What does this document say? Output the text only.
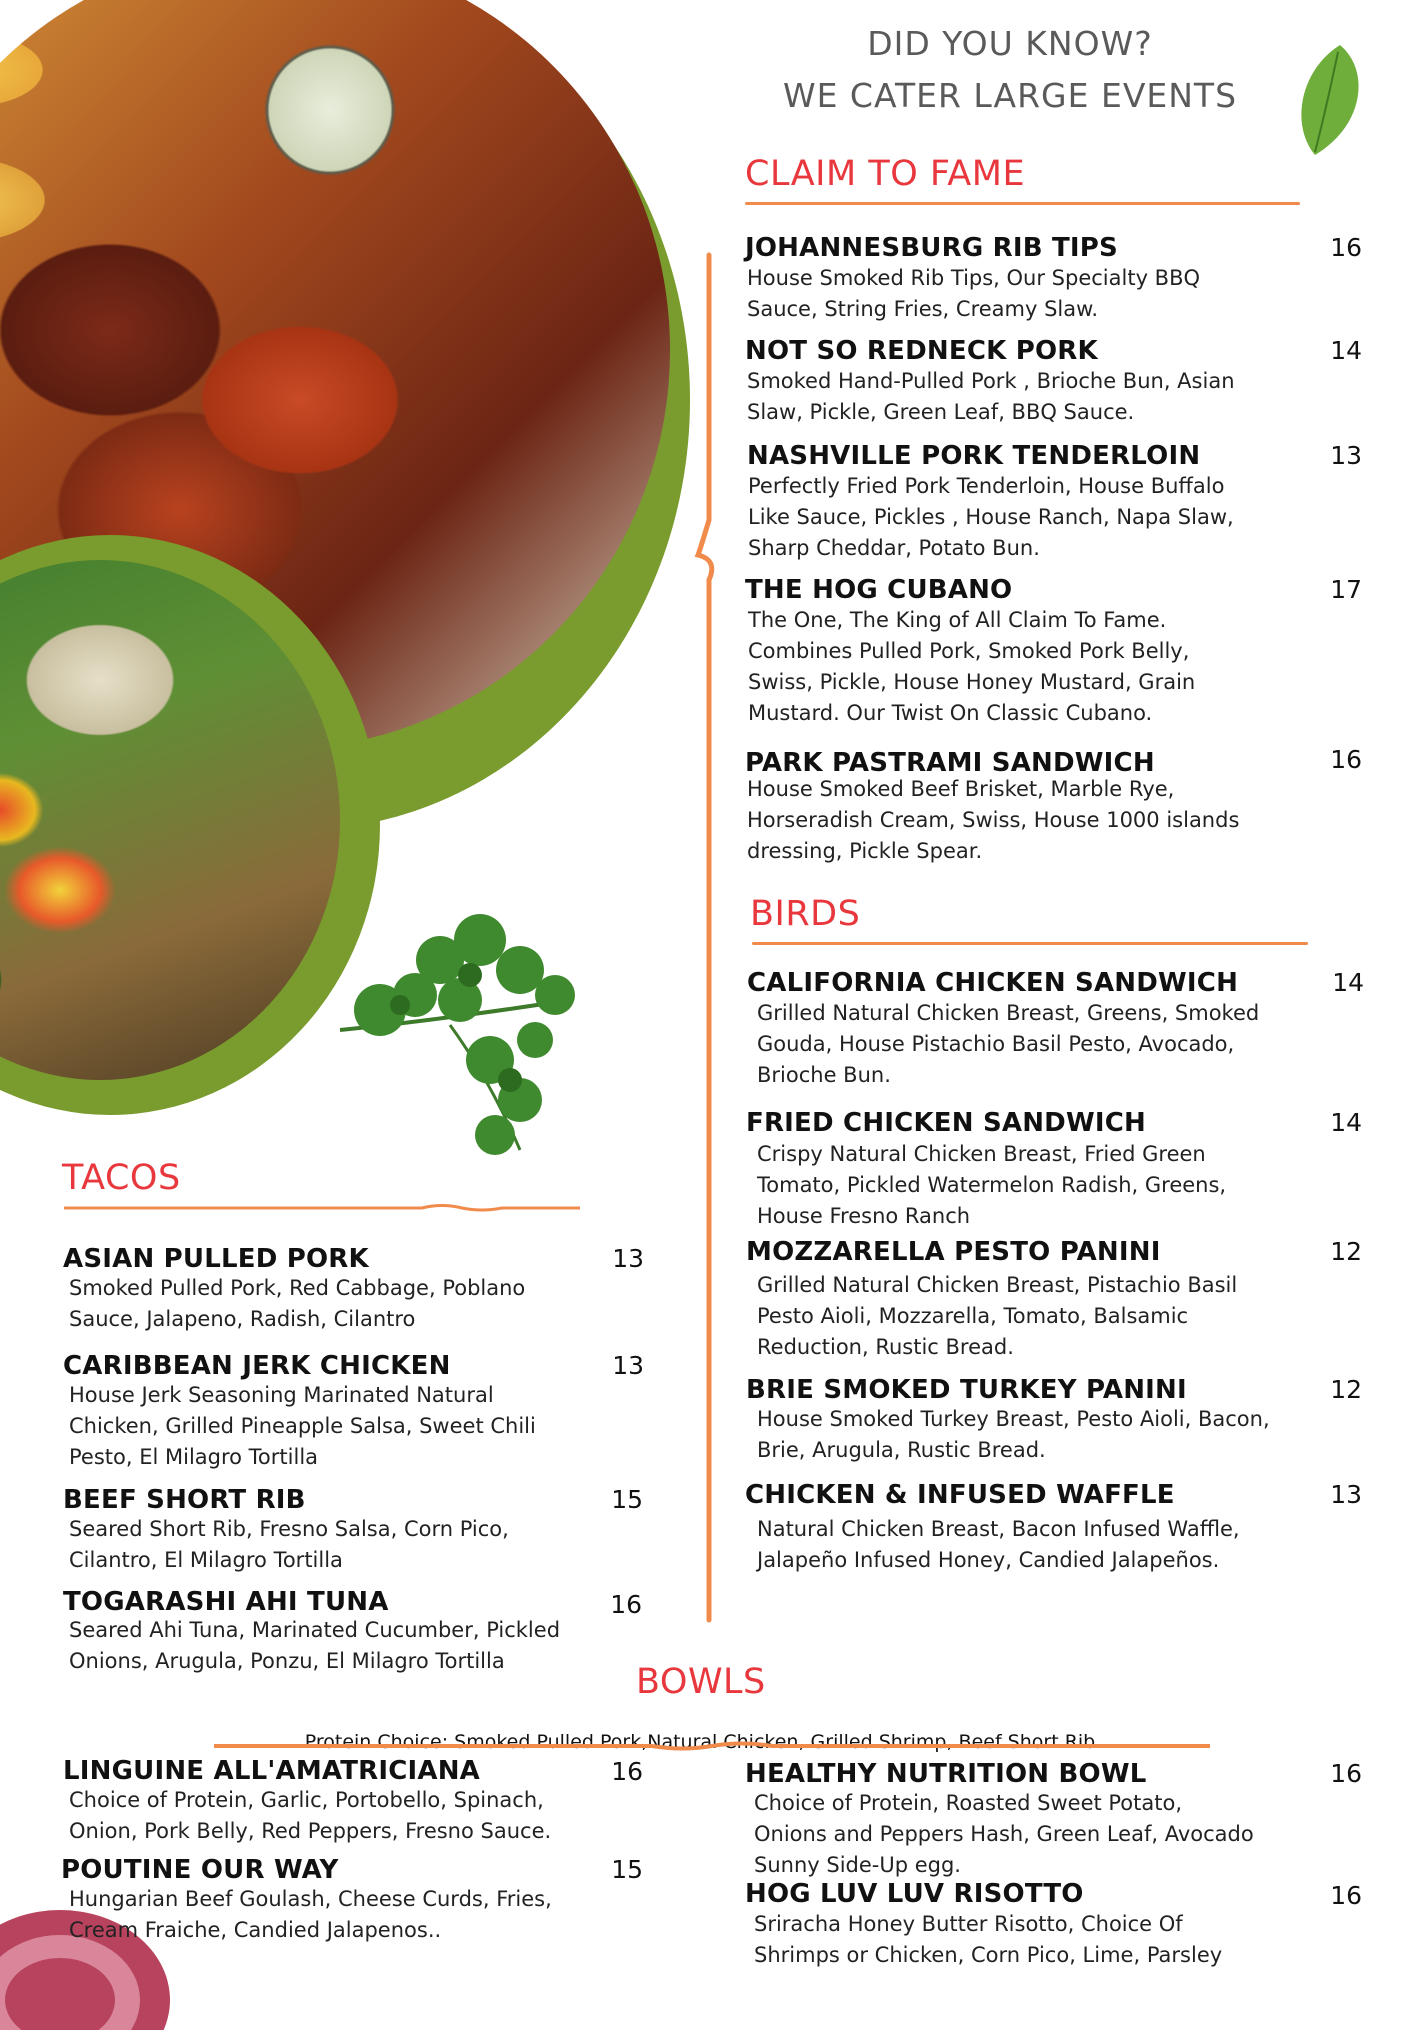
DID YOU KNOW?
WE CATER LARGE EVENTS
CLAIM TO FAME
JOHANNESBURG RIB TIPS	16
House Smoked Rib Tips, Our Specialty BBQ
Sauce, String Fries, Creamy Slaw.
NOT SO REDNECK PORK	14
Smoked Hand-Pulled Pork , Brioche Bun, Asian
Slaw, Pickle, Green Leaf, BBQ Sauce.
NASHVILLE PORK TENDERLOIN	13
Perfectly Fried Pork Tenderloin, House Buffalo
Like Sauce, Pickles , House Ranch, Napa Slaw,
Sharp Cheddar, Potato Bun.
THE HOG CUBANO	17
The One, The King of All Claim To Fame.
Combines Pulled Pork, Smoked Pork Belly,
Swiss, Pickle, House Honey Mustard, Grain
Mustard. Our Twist On Classic Cubano.
PARK PASTRAMI SANDWICH	16
House Smoked Beef Brisket, Marble Rye,
Horseradish Cream, Swiss, House 1000 islands
dressing, Pickle Spear.
BIRDS
CALIFORNIA CHICKEN SANDWICH	14
Grilled Natural Chicken Breast, Greens, Smoked
Gouda, House Pistachio Basil Pesto, Avocado,
Brioche Bun.
FRIED CHICKEN SANDWICH	14
Crispy Natural Chicken Breast, Fried Green
Tomato, Pickled Watermelon Radish, Greens,
House Fresno Ranch
MOZZARELLA PESTO PANINI	12
Grilled Natural Chicken Breast, Pistachio Basil
Pesto Aioli, Mozzarella, Tomato, Balsamic
Reduction, Rustic Bread.
BRIE SMOKED TURKEY PANINI	12
House Smoked Turkey Breast, Pesto Aioli, Bacon,
Brie, Arugula, Rustic Bread.
CHICKEN & INFUSED WAFFLE	13
Natural Chicken Breast, Bacon Infused Waffle,
Jalapeño Infused Honey, Candied Jalapeños.
TACOS
ASIAN PULLED PORK	13
Smoked Pulled Pork, Red Cabbage, Poblano
Sauce, Jalapeno, Radish, Cilantro
CARIBBEAN JERK CHICKEN	13
House Jerk Seasoning Marinated Natural
Chicken, Grilled Pineapple Salsa, Sweet Chili
Pesto, El Milagro Tortilla
BEEF SHORT RIB	15
Seared Short Rib, Fresno Salsa, Corn Pico,
Cilantro, El Milagro Tortilla
TOGARASHI AHI TUNA	16
Seared Ahi Tuna, Marinated Cucumber, Pickled
Onions, Arugula, Ponzu, El Milagro Tortilla
BOWLS
Protein Choice: Smoked Pulled Pork,Natural Chicken, Grilled Shrimp, Beef Short Rib
LINGUINE ALL'AMATRICIANA	16
Choice of Protein, Garlic, Portobello, Spinach,
Onion, Pork Belly, Red Peppers, Fresno Sauce.
POUTINE OUR WAY	15
Hungarian Beef Goulash, Cheese Curds, Fries,
Cream Fraiche, Candied Jalapenos..
HEALTHY NUTRITION BOWL	16
Choice of Protein, Roasted Sweet Potato,
Onions and Peppers Hash, Green Leaf, Avocado
Sunny Side-Up egg.
HOG LUV LUV RISOTTO	16
Sriracha Honey Butter Risotto, Choice Of
Shrimps or Chicken, Corn Pico, Lime, Parsley
